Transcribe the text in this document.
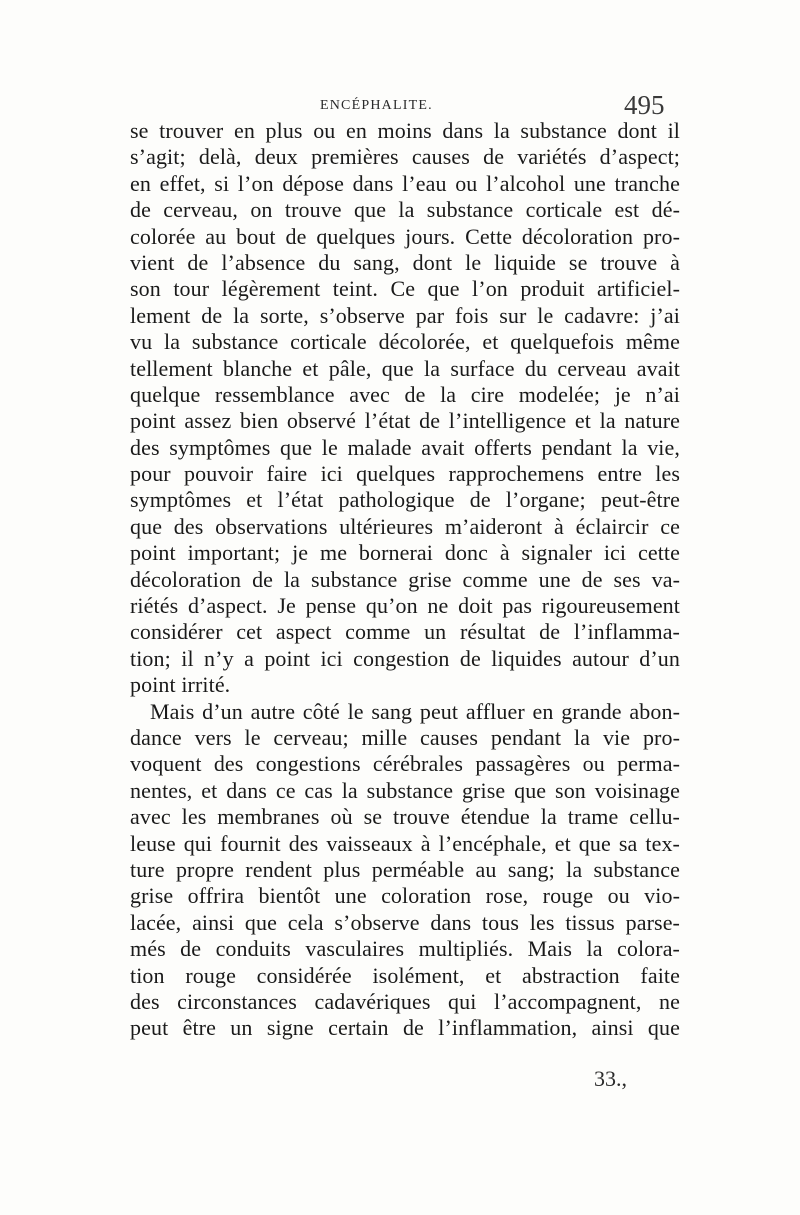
ENCÉPHALITE.	495
se trouver en plus ou en moins dans la substance dont il
s’agit; delà, deux premières causes de variétés d’aspect;
en effet, si l’on dépose dans l’eau ou l’alcohol une tranche
de cerveau, on trouve que la substance corticale est dé-
colorée au bout de quelques jours. Cette décoloration pro-
vient de l’absence du sang, dont le liquide se trouve à
son tour légèrement teint. Ce que l’on produit artificiel-
lement de la sorte, s’observe par fois sur le cadavre: j’ai
vu la substance corticale décolorée, et quelquefois même
tellement blanche et pâle, que la surface du cerveau avait
quelque ressemblance avec de la cire modelée; je n’ai
point assez bien observé l’état de l’intelligence et la nature
des symptômes que le malade avait offerts pendant la vie,
pour pouvoir faire ici quelques rapprochemens entre les
symptômes et l’état pathologique de l’organe; peut-être
que des observations ultérieures m’aideront à éclaircir ce
point important; je me bornerai donc à signaler ici cette
décoloration de la substance grise comme une de ses va-
riétés d’aspect. Je pense qu’on ne doit pas rigoureusement
considérer cet aspect comme un résultat de l’inflamma-
tion; il n’y a point ici congestion de liquides autour d’un
point irrité.
Mais d’un autre côté le sang peut affluer en grande abon-
dance vers le cerveau; mille causes pendant la vie pro-
voquent des congestions cérébrales passagères ou perma-
nentes, et dans ce cas la substance grise que son voisinage
avec les membranes où se trouve étendue la trame cellu-
leuse qui fournit des vaisseaux à l’encéphale, et que sa tex-
ture propre rendent plus perméable au sang; la substance
grise offrira bientôt une coloration rose, rouge ou vio-
lacée, ainsi que cela s’observe dans tous les tissus parse-
més de conduits vasculaires multipliés. Mais la colora-
tion rouge considérée isolément, et abstraction faite
des circonstances cadavériques qui l’accompagnent, ne
peut être un signe certain de l’inflammation, ainsi que
33.,
